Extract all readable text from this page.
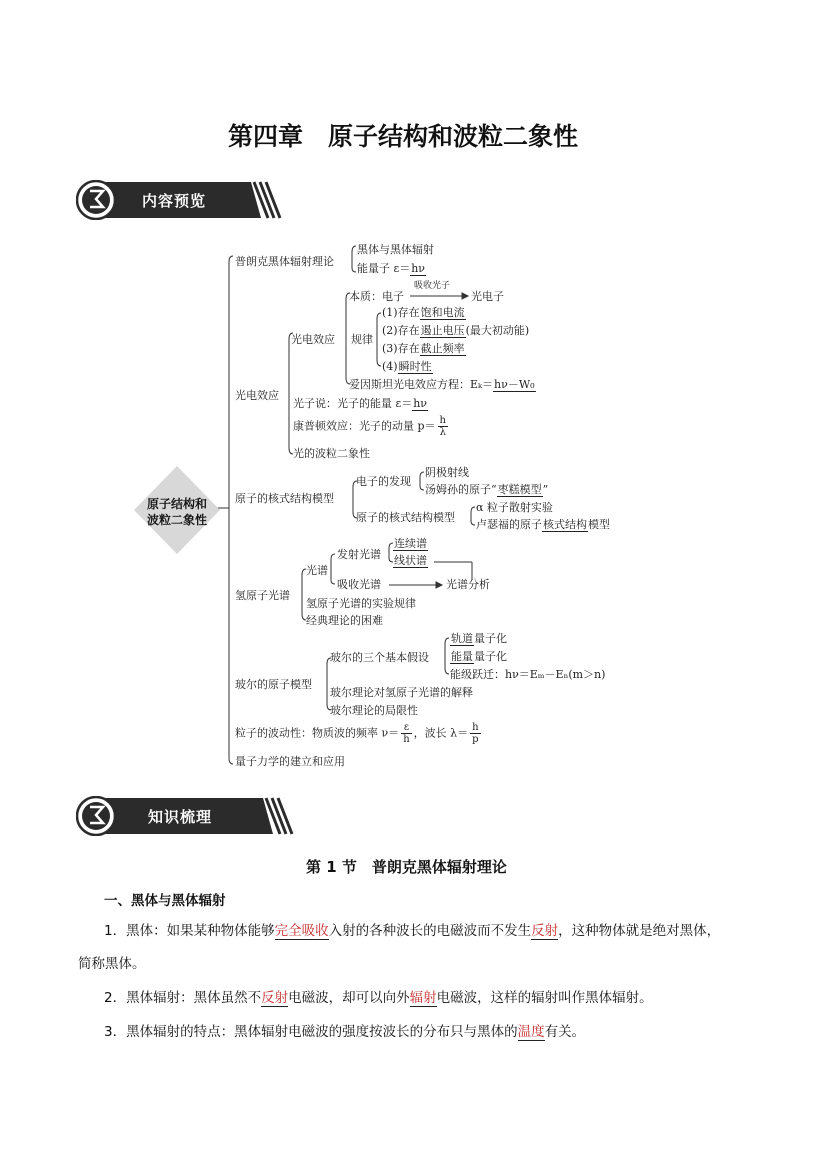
第四章　原子结构和波粒二象性
内容预览
原子结构和
波粒二象性
普朗克黑体辐射理论
黑体与黑体辐射
能量子 ε＝hν
光电效应
光电效应
本质：电子
吸收光子
光电子
规律
(1)存在饱和电流
(2)存在遏止电压(最大初动能)
(3)存在截止频率
(4)瞬时性
爱因斯坦光电效应方程：Eₖ＝hν－W₀
光子说：光子的能量 ε＝hν
康普顿效应：光子的动量 $p= \frac{h}{\lambda}$
光的波粒二象性
原子的核式结构模型
电子的发现
阴极射线
汤姆孙的原子“枣糕模型”
原子的核式结构模型
α 粒子散射实验
卢瑟福的原子核式结构模型
氢原子光谱
光谱
发射光谱
连续谱
线状谱
吸收光谱	光谱分析
氢原子光谱的实验规律
经典理论的困难
玻尔的原子模型
玻尔的三个基本假设
轨道量子化
能量量子化
能级跃迁：hν＝Eₘ－Eₙ(m＞n)
玻尔理论对氢原子光谱的解释
玻尔理论的局限性
粒子的波动性：物质波的频率 $\nu= \frac{\varepsilon}{h}$ ，波长 $\lambda= \frac{h}{p}$
量子力学的建立和应用
知识梳理
第 1 节　普朗克黑体辐射理论
一、黑体与黑体辐射
1．黑体：如果某种物体能够完全吸收入射的各种波长的电磁波而不发生反射，这种物体就是绝对黑体，
简称黑体。
2．黑体辐射：黑体虽然不反射电磁波，却可以向外辐射电磁波，这样的辐射叫作黑体辐射。
3．黑体辐射的特点：黑体辐射电磁波的强度按波长的分布只与黑体的温度有关。
